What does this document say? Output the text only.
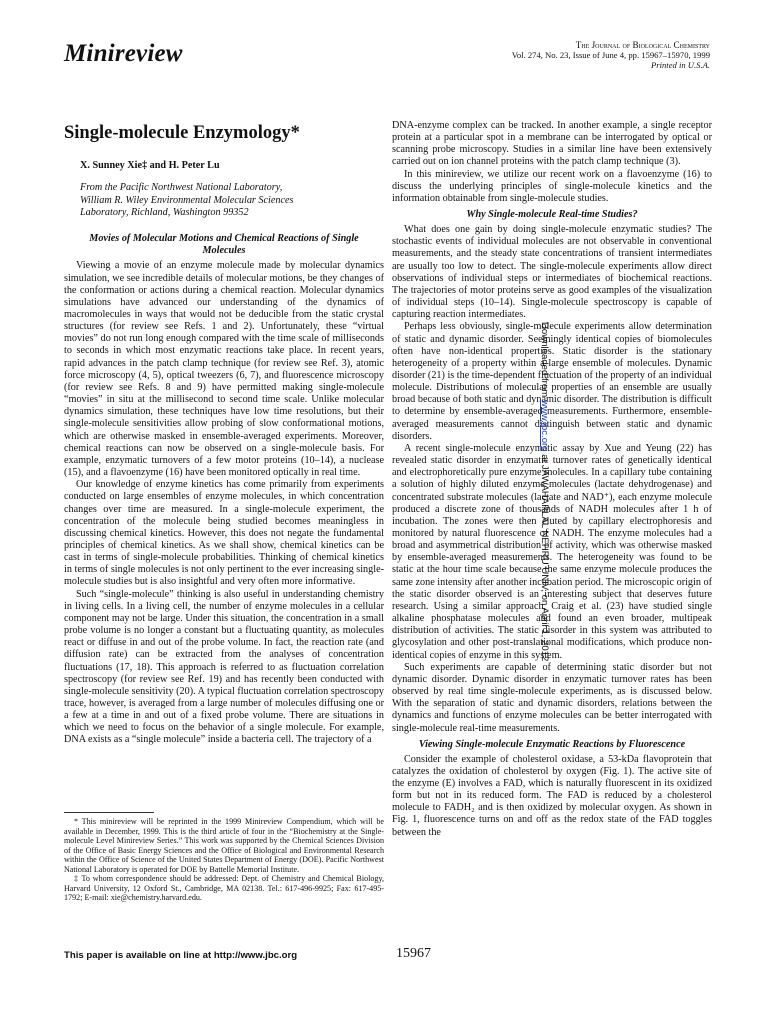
Minireview	The Journal of Biological Chemistry
Vol. 274, No. 23, Issue of June 4, pp. 15967–15970, 1999
Printed in U.S.A.
Single-molecule Enzymology*
X. Sunney Xie‡ and H. Peter Lu
From the Pacific Northwest National Laboratory,
William R. Wiley Environmental Molecular Sciences
Laboratory, Richland, Washington 99352
Movies of Molecular Motions and Chemical Reactions of Single Molecules

Viewing a movie of an enzyme molecule made by molecular dynamics simulation, we see incredible details of molecular motions, be they changes of the conformation or actions during a chemical reaction. Molecular dynamics simulations have advanced our understanding of the dynamics of macromolecules in ways that would not be deducible from the static crystal structures (for review see Refs. 1 and 2). Unfortunately, these “virtual movies” do not run long enough compared with the time scale of milliseconds to seconds in which most enzymatic reactions take place. In recent years, rapid advances in the patch clamp technique (for review see Ref. 3), atomic force microscopy (4, 5), optical tweezers (6, 7), and fluorescence microscopy (for review see Refs. 8 and 9) have permitted making single-molecule “movies” in situ at the millisecond to second time scale. Unlike molecular dynamics simulation, these techniques have low time resolutions, but their single-molecule sensitivities allow probing of slow conformational motions, which are otherwise masked in ensemble-averaged experiments. Moreover, chemical reactions can now be observed on a single-molecule basis. For example, enzymatic turnovers of a few motor proteins (10–14), a nuclease (15), and a flavoenzyme (16) have been monitored optically in real time.

Our knowledge of enzyme kinetics has come primarily from experiments conducted on large ensembles of enzyme molecules, in which concentration changes over time are measured. In a single-molecule experiment, the concentration of the molecule being studied becomes meaningless in discussing chemical kinetics. However, this does not negate the fundamental principles of chemical kinetics. As we shall show, chemical kinetics can be cast in terms of single-molecule probabilities. Thinking of chemical kinetics in terms of single molecules is not only pertinent to the ever increasing single-molecule studies but is also insightful and very often more informative.

Such “single-molecule” thinking is also useful in understanding chemistry in living cells. In a living cell, the number of enzyme molecules in a cellular component may not be large. Under this situation, the concentration in a small probe volume is no longer a constant but a fluctuating quantity, as molecules react or diffuse in and out of the probe volume. In fact, the reaction rate (and diffusion rate) can be extracted from the analyses of concentration fluctuations (17, 18). This approach is referred to as fluctuation correlation spectroscopy (for review see Ref. 19) and has recently been conducted with single-molecule sensitivity (20). A typical fluctuation correlation spectroscopy trace, however, is averaged from a large number of molecules diffusing one or a few at a time in and out of a fixed probe volume. There are situations in which we need to focus on the behavior of a single molecule. For example, DNA exists as a “single molecule” inside a bacteria cell. The trajectory of a

DNA-enzyme complex can be tracked. In another example, a single receptor protein at a particular spot in a membrane can be interrogated by optical or scanning probe microscopy. Studies in a similar line have been extensively carried out on ion channel proteins with the patch clamp technique (3).

In this minireview, we utilize our recent work on a flavoenzyme (16) to discuss the underlying principles of single-molecule kinetics and the information obtainable from single-molecule studies.

Why Single-molecule Real-time Studies?

What does one gain by doing single-molecule enzymatic studies? The stochastic events of individual molecules are not observable in conventional measurements, and the steady state concentrations of transient intermediates are usually too low to detect. The single-molecule experiments allow direct observations of individual steps or intermediates of biochemical reactions. The trajectories of motor proteins serve as good examples of the visualization of individual steps (10–14). Single-molecule spectroscopy is capable of capturing reaction intermediates.

Perhaps less obviously, single-molecule experiments allow determination of static and dynamic disorder. Seemingly identical copies of biomolecules often have non-identical properties. Static disorder is the stationary heterogeneity of a property within a large ensemble of molecules. Dynamic disorder (21) is the time-dependent fluctuation of the property of an individual molecule. Distributions of molecular properties of an ensemble are usually broad because of both static and dynamic disorder. The distribution is difficult to determine by ensemble-averaged measurements. Furthermore, ensemble-averaged measurements cannot distinguish between static and dynamic disorders.

A recent single-molecule enzymatic assay by Xue and Yeung (22) has revealed static disorder in enzymatic turnover rates of genetically identical and electrophoretically pure enzyme molecules. In a capillary tube containing a solution of highly diluted enzyme molecules (lactate dehydrogenase) and concentrated substrate molecules (lactate and NAD⁺), each enzyme molecule produced a discrete zone of thousands of NADH molecules after 1 h of incubation. The zones were then eluted by capillary electrophoresis and monitored by natural fluorescence of NADH. The enzyme molecules had a broad and asymmetrical distribution of activity, which was otherwise masked by ensemble-averaged measurements. The heterogeneity was found to be static at the hour time scale because the same enzyme molecule produces the same zone intensity after another incubation period. The microscopic origin of the static disorder observed is an interesting subject that deserves future research. Using a similar approach, Craig et al. (23) have studied single alkaline phosphatase molecules and found an even broader, multipeak distribution of activities. The static disorder in this system was attributed to glycosylation and other post-translational modifications, which produce non-identical copies of enzyme in this system.

Such experiments are capable of determining static disorder but not dynamic disorder. Dynamic disorder in enzymatic turnover rates has been observed by real time single-molecule experiments, as is discussed below. With the separation of static and dynamic disorders, relations between the dynamics and functions of enzyme molecules can be better interrogated with single-molecule real-time measurements.

Viewing Single-molecule Enzymatic Reactions by Fluorescence

Consider the example of cholesterol oxidase, a 53-kDa flavoprotein that catalyzes the oxidation of cholesterol by oxygen (Fig. 1). The active site of the enzyme (E) involves a FAD, which is naturally fluorescent in its oxidized form but not in its reduced form. The FAD is reduced by a cholesterol molecule to FADH₂ and is then oxidized by molecular oxygen. As shown in Fig. 1, fluorescence turns on and off as the redox state of the FAD toggles between the

* This minireview will be reprinted in the 1999 Minireview Compendium, which will be available in December, 1999. This is the third article of four in the “Biochemistry at the Single-molecule Level Minireview Series.” This work was supported by the Chemical Sciences Division of the Office of Basic Energy Sciences and the Office of Biological and Environmental Research within the Office of Science of the United States Department of Energy (DOE). Pacific Northwest National Laboratory is operated for DOE by Battelle Memorial Institute.

‡ To whom correspondence should be addressed: Dept. of Chemistry and Chemical Biology, Harvard University, 12 Oxford St., Cambridge, MA 02138. Tel.: 617-496-9925; Fax: 617-495-1792; E-mail: xie@chemistry.harvard.edu.

This paper is available on line at http://www.jbc.org	15967
Downloaded from www.jbc.org at JAWAHARLAL NEHRU UNIV, on April 1, 2012
